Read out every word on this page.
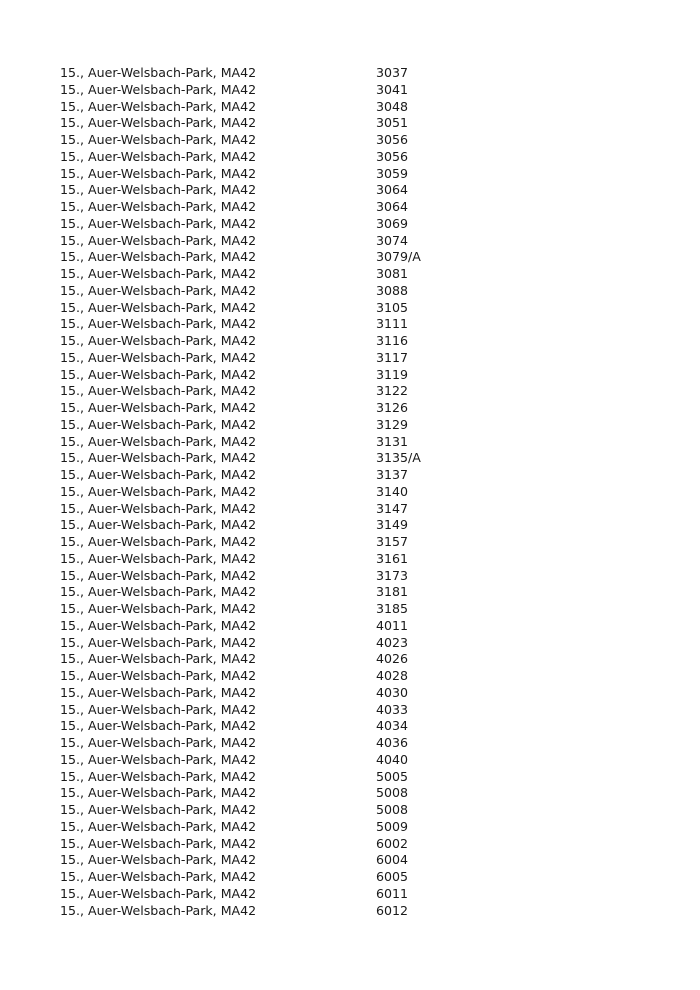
15., Auer-Welsbach-Park, MA42	3037
15., Auer-Welsbach-Park, MA42	3041
15., Auer-Welsbach-Park, MA42	3048
15., Auer-Welsbach-Park, MA42	3051
15., Auer-Welsbach-Park, MA42	3056
15., Auer-Welsbach-Park, MA42	3056
15., Auer-Welsbach-Park, MA42	3059
15., Auer-Welsbach-Park, MA42	3064
15., Auer-Welsbach-Park, MA42	3064
15., Auer-Welsbach-Park, MA42	3069
15., Auer-Welsbach-Park, MA42	3074
15., Auer-Welsbach-Park, MA42	3079/A
15., Auer-Welsbach-Park, MA42	3081
15., Auer-Welsbach-Park, MA42	3088
15., Auer-Welsbach-Park, MA42	3105
15., Auer-Welsbach-Park, MA42	3111
15., Auer-Welsbach-Park, MA42	3116
15., Auer-Welsbach-Park, MA42	3117
15., Auer-Welsbach-Park, MA42	3119
15., Auer-Welsbach-Park, MA42	3122
15., Auer-Welsbach-Park, MA42	3126
15., Auer-Welsbach-Park, MA42	3129
15., Auer-Welsbach-Park, MA42	3131
15., Auer-Welsbach-Park, MA42	3135/A
15., Auer-Welsbach-Park, MA42	3137
15., Auer-Welsbach-Park, MA42	3140
15., Auer-Welsbach-Park, MA42	3147
15., Auer-Welsbach-Park, MA42	3149
15., Auer-Welsbach-Park, MA42	3157
15., Auer-Welsbach-Park, MA42	3161
15., Auer-Welsbach-Park, MA42	3173
15., Auer-Welsbach-Park, MA42	3181
15., Auer-Welsbach-Park, MA42	3185
15., Auer-Welsbach-Park, MA42	4011
15., Auer-Welsbach-Park, MA42	4023
15., Auer-Welsbach-Park, MA42	4026
15., Auer-Welsbach-Park, MA42	4028
15., Auer-Welsbach-Park, MA42	4030
15., Auer-Welsbach-Park, MA42	4033
15., Auer-Welsbach-Park, MA42	4034
15., Auer-Welsbach-Park, MA42	4036
15., Auer-Welsbach-Park, MA42	4040
15., Auer-Welsbach-Park, MA42	5005
15., Auer-Welsbach-Park, MA42	5008
15., Auer-Welsbach-Park, MA42	5008
15., Auer-Welsbach-Park, MA42	5009
15., Auer-Welsbach-Park, MA42	6002
15., Auer-Welsbach-Park, MA42	6004
15., Auer-Welsbach-Park, MA42	6005
15., Auer-Welsbach-Park, MA42	6011
15., Auer-Welsbach-Park, MA42	6012
